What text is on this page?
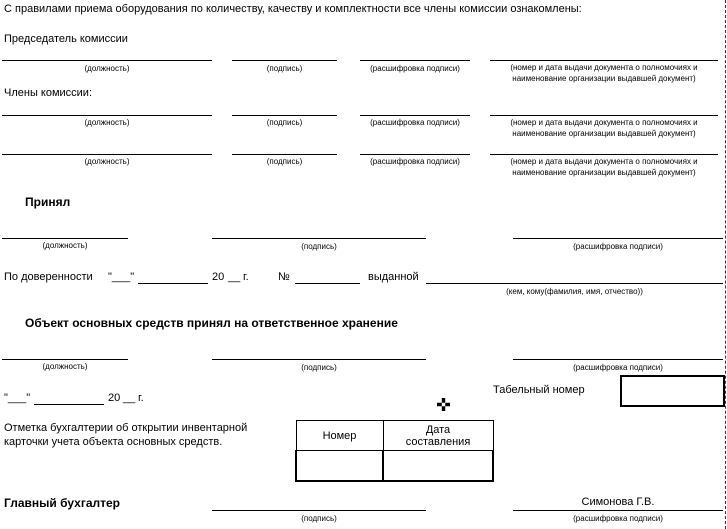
С правилами приема оборудования по количеству, качеству и комплектности все члены комиссии ознакомлены:
Председатель комиссии
(должность)	(подпись)	(расшифровка подписи)	(номер и дата выдачи документа о полномочиях и
наименование организации выдавшей документ)
Члены комиссии:
(должность)	(подпись)	(расшифровка подписи)	(номер и дата выдачи документа о полномочиях и
наименование организации выдавшей документ)
(должность)	(подпись)	(расшифровка подписи)	(номер и дата выдачи документа о полномочиях и
наименование организации выдавшей документ)
Принял
(должность)	(подпись)	(расшифровка подписи)
По доверенности "___"	20 __ г.	№	выданной
(кем, кому(фамилия, имя, отчество))
Объект основных средств принял на ответственное хранение
(должность)	(подпись)	(расшифровка подписи)
"___"	20 __ г.
Табельный номер
✜
Отметка бухгалтерии об открытии инвентарной
карточки учета объекта основных средств.
Номер	Дата
составления

Главный бухгалтер	Симонова Г.В.
(подпись)	(расшифровка подписи)
